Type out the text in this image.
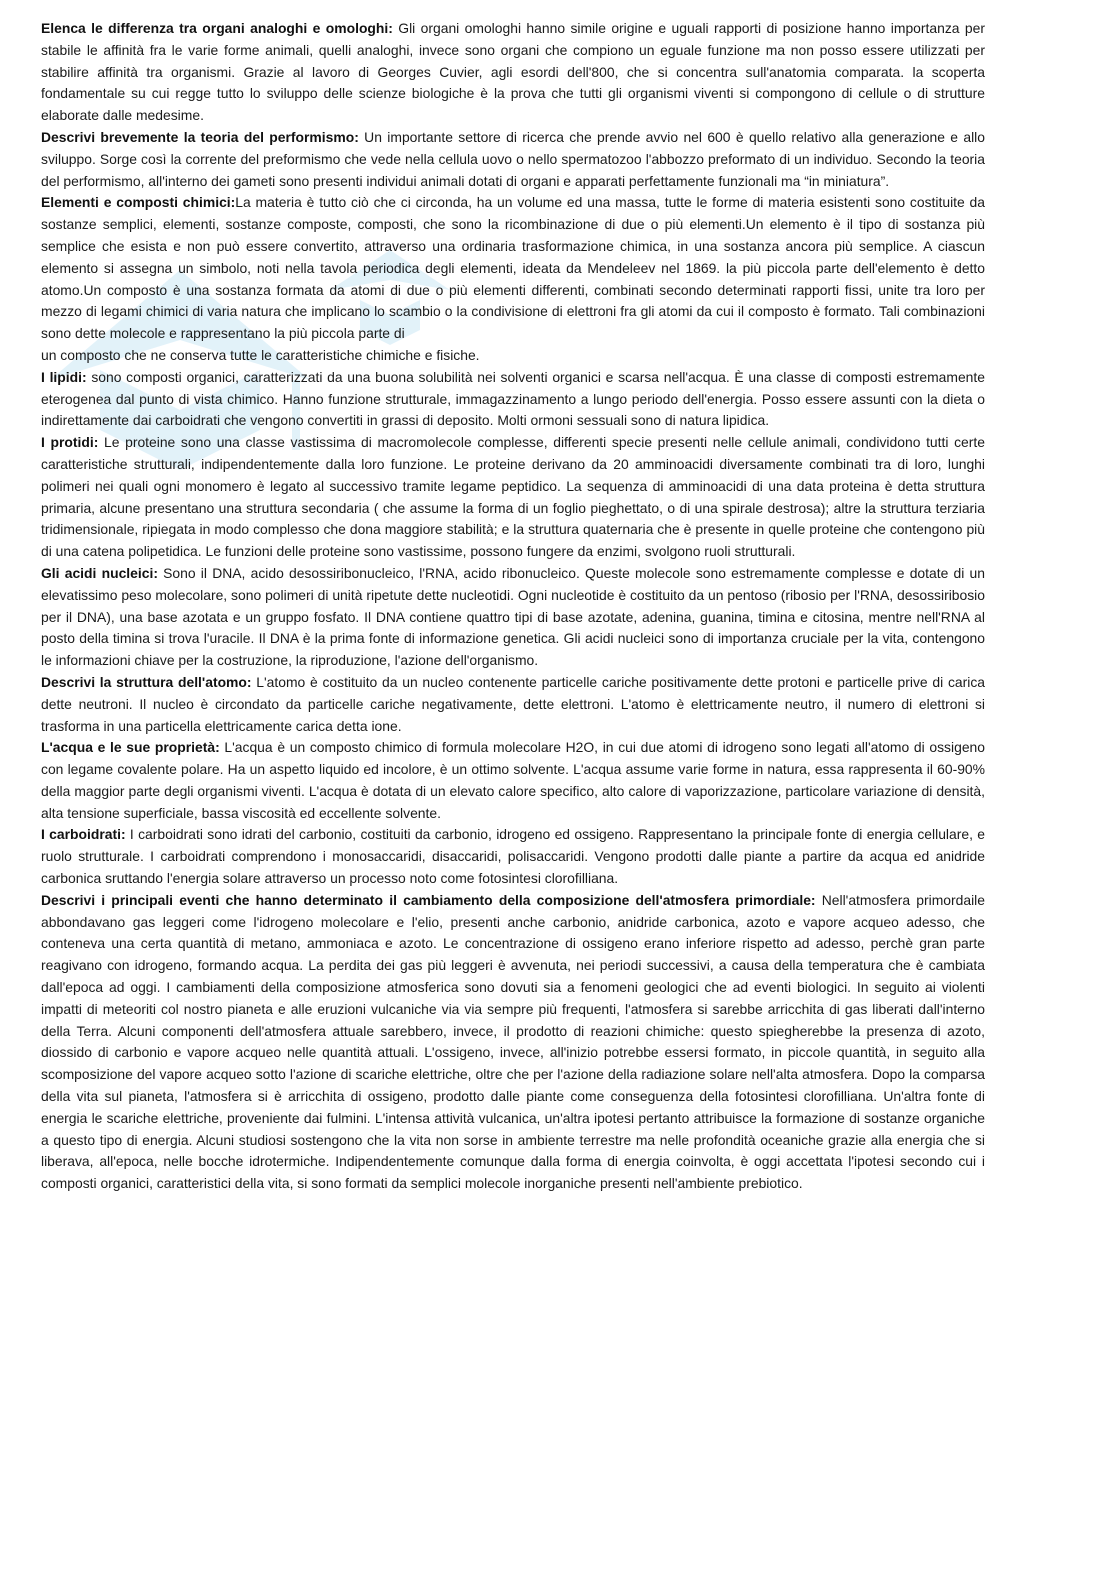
Elenca le differenza tra organi analoghi e omologhi: Gli organi omologhi hanno simile origine e uguali rapporti di posizione hanno importanza per stabile le affinità fra le varie forme animali, quelli analoghi, invece sono organi che compiono un eguale funzione ma non posso essere utilizzati per stabilire affinità tra organismi. Grazie al lavoro di Georges Cuvier, agli esordi dell'800, che si concentra sull'anatomia comparata. la scoperta fondamentale su cui regge tutto lo sviluppo delle scienze biologiche è la prova che tutti gli organismi viventi si compongono di cellule o di strutture elaborate dalle medesime.

Descrivi brevemente la teoria del performismo: Un importante settore di ricerca che prende avvio nel 600 è quello relativo alla generazione e allo sviluppo. Sorge così la corrente del preformismo che vede nella cellula uovo o nello spermatozoo l'abbozzo preformato di un individuo. Secondo la teoria del performismo, all'interno dei gameti sono presenti individui animali dotati di organi e apparati perfettamente funzionali ma “in miniatura”.

Elementi e composti chimici:La materia è tutto ciò che ci circonda, ha un volume ed una massa, tutte le forme di materia esistenti sono costituite da sostanze semplici, elementi, sostanze composte, composti, che sono la ricombinazione di due o più elementi.Un elemento è il tipo di sostanza più semplice che esista e non può essere convertito, attraverso una ordinaria trasformazione chimica, in una sostanza ancora più semplice. A ciascun elemento si assegna un simbolo, noti nella tavola periodica degli elementi, ideata da Mendeleev nel 1869. la più piccola parte dell'elemento è detto atomo.Un composto è una sostanza formata da atomi di due o più elementi differenti, combinati secondo determinati rapporti fissi, unite tra loro per mezzo di legami chimici di varia natura che implicano lo scambio o la condivisione di elettroni fra gli atomi da cui il composto è formato. Tali combinazioni sono dette molecole e rappresentano la più piccola parte di

un composto che ne conserva tutte le caratteristiche chimiche e fisiche.

I lipidi: sono composti organici, caratterizzati da una buona solubilità nei solventi organici e scarsa nell'acqua. È una classe di composti estremamente eterogenea dal punto di vista chimico. Hanno funzione strutturale, immagazzinamento a lungo periodo dell'energia. Posso essere assunti con la dieta o indirettamente dai carboidrati che vengono convertiti in grassi di deposito. Molti ormoni sessuali sono di natura lipidica.

I protidi: Le proteine sono una classe vastissima di macromolecole complesse, differenti specie presenti nelle cellule animali, condividono tutti certe caratteristiche strutturali, indipendentemente dalla loro funzione. Le proteine derivano da 20 amminoacidi diversamente combinati tra di loro, lunghi polimeri nei quali ogni monomero è legato al successivo tramite legame peptidico. La sequenza di amminoacidi di una data proteina è detta struttura primaria, alcune presentano una struttura secondaria ( che assume la forma di un foglio pieghettato, o di una spirale destrosa); altre la struttura terziaria tridimensionale, ripiegata in modo complesso che dona maggiore stabilità; e la struttura quaternaria che è presente in quelle proteine che contengono più di una catena polipetidica. Le funzioni delle proteine sono vastissime, possono fungere da enzimi, svolgono ruoli strutturali.

Gli acidi nucleici: Sono il DNA, acido desossiribonucleico, l'RNA, acido ribonucleico. Queste molecole sono estremamente complesse e dotate di un elevatissimo peso molecolare, sono polimeri di unità ripetute dette nucleotidi. Ogni nucleotide è costituito da un pentoso (ribosio per l'RNA, desossiribosio per il DNA), una base azotata e un gruppo fosfato. Il DNA contiene quattro tipi di base azotate, adenina, guanina, timina e citosina, mentre nell'RNA al posto della timina si trova l'uracile. Il DNA è la prima fonte di informazione genetica. Gli acidi nucleici sono di importanza cruciale per la vita, contengono le informazioni chiave per la costruzione, la riproduzione, l'azione dell'organismo.

Descrivi la struttura dell'atomo: L'atomo è costituito da un nucleo contenente particelle cariche positivamente dette protoni e particelle prive di carica dette neutroni. Il nucleo è circondato da particelle cariche negativamente, dette elettroni. L'atomo è elettricamente neutro, il numero di elettroni si trasforma in una particella elettricamente carica detta ione.

L'acqua e le sue proprietà: L'acqua è un composto chimico di formula molecolare H2O, in cui due atomi di idrogeno sono legati all'atomo di ossigeno con legame covalente polare. Ha un aspetto liquido ed incolore, è un ottimo solvente. L'acqua assume varie forme in natura, essa rappresenta il 60-90% della maggior parte degli organismi viventi. L'acqua è dotata di un elevato calore specifico, alto calore di vaporizzazione, particolare variazione di densità, alta tensione superficiale, bassa viscosità ed eccellente solvente.

I carboidrati: I carboidrati sono idrati del carbonio, costituiti da carbonio, idrogeno ed ossigeno. Rappresentano la principale fonte di energia cellulare, e ruolo strutturale. I carboidrati comprendono i monosaccaridi, disaccaridi, polisaccaridi. Vengono prodotti dalle piante a partire da acqua ed anidride carbonica sruttando l'energia solare attraverso un processo noto come fotosintesi clorofilliana.

Descrivi i principali eventi che hanno determinato il cambiamento della composizione dell'atmosfera primordiale: Nell'atmosfera primordaile abbondavano gas leggeri come l'idrogeno molecolare e l'elio, presenti anche carbonio, anidride carbonica, azoto e vapore acqueo adesso, che conteneva una certa quantità di metano, ammoniaca e azoto. Le concentrazione di ossigeno erano inferiore rispetto ad adesso, perchè gran parte reagivano con idrogeno, formando acqua. La perdita dei gas più leggeri è avvenuta, nei periodi successivi, a causa della temperatura che è cambiata dall'epoca ad oggi. I cambiamenti della composizione atmosferica sono dovuti sia a fenomeni geologici che ad eventi biologici. In seguito ai violenti impatti di meteoriti col nostro pianeta e alle eruzioni vulcaniche via via sempre più frequenti, l'atmosfera si sarebbe arricchita di gas liberati dall'interno della Terra. Alcuni componenti dell'atmosfera attuale sarebbero, invece, il prodotto di reazioni chimiche: questo spiegherebbe la presenza di azoto, diossido di carbonio e vapore acqueo nelle quantità attuali. L'ossigeno, invece, all'inizio potrebbe essersi formato, in piccole quantità, in seguito alla scomposizione del vapore acqueo sotto l'azione di scariche elettriche, oltre che per l'azione della radiazione solare nell'alta atmosfera. Dopo la comparsa della vita sul pianeta, l'atmosfera si è arricchita di ossigeno, prodotto dalle piante come conseguenza della fotosintesi clorofilliana. Un'altra fonte di energia le scariche elettriche, proveniente dai fulmini. L'intensa attività vulcanica, un'altra ipotesi pertanto attribuisce la formazione di sostanze organiche a questo tipo di energia. Alcuni studiosi sostengono che la vita non sorse in ambiente terrestre ma nelle profondità oceaniche grazie alla energia che si liberava, all'epoca, nelle bocche idrotermiche. Indipendentemente comunque dalla forma di energia coinvolta, è oggi accettata l'ipotesi secondo cui i composti organici, caratteristici della vita, si sono formati da semplici molecole inorganiche presenti nell'ambiente prebiotico.
